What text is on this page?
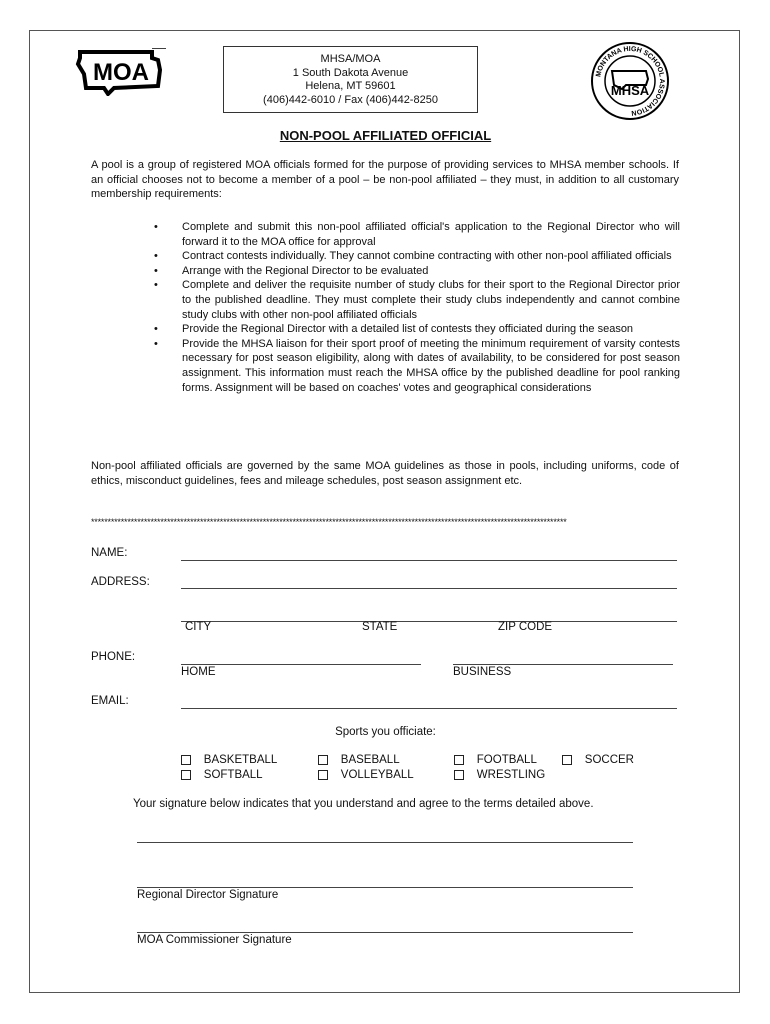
MOA	MHSA/MOA
1 South Dakota Avenue
Helena, MT 59601
(406)442-6010 / Fax (406)442-8250
MONTANA HIGH SCHOOL ASSOCIATION
MHSA
NON-POOL AFFILIATED OFFICIAL
A pool is a group of registered MOA officials formed for the purpose of providing services to MHSA member schools. If an official chooses not to become a member of a pool – be non-pool affiliated – they must, in addition to all customary membership requirements:
• Complete and submit this non-pool affiliated official's application to the Regional Director who will forward it to the MOA office for approval
• Contract contests individually. They cannot combine contracting with other non-pool affiliated officials
• Arrange with the Regional Director to be evaluated
• Complete and deliver the requisite number of study clubs for their sport to the Regional Director prior to the published deadline. They must complete their study clubs independently and cannot combine study clubs with other non-pool affiliated officials
• Provide the Regional Director with a detailed list of contests they officiated during the season
• Provide the MHSA liaison for their sport proof of meeting the minimum requirement of varsity contests necessary for post season eligibility, along with dates of availability, to be considered for post season assignment. This information must reach the MHSA office by the published deadline for pool ranking forms. Assignment will be based on coaches' votes and geographical considerations
Non-pool affiliated officials are governed by the same MOA guidelines as those in pools, including uniforms, code of ethics, misconduct guidelines, fees and mileage schedules, post season assignment etc.
************************************************************************************************************************************************
NAME:
ADDRESS:
CITY	STATE	ZIP CODE
PHONE:
HOME	BUSINESS
EMAIL:
Sports you officiate:
BASKETBALL	BASEBALL	FOOTBALL	SOCCER
SOFTBALL	VOLLEYBALL	WRESTLING
Your signature below indicates that you understand and agree to the terms detailed above.
Regional Director Signature
MOA Commissioner Signature
